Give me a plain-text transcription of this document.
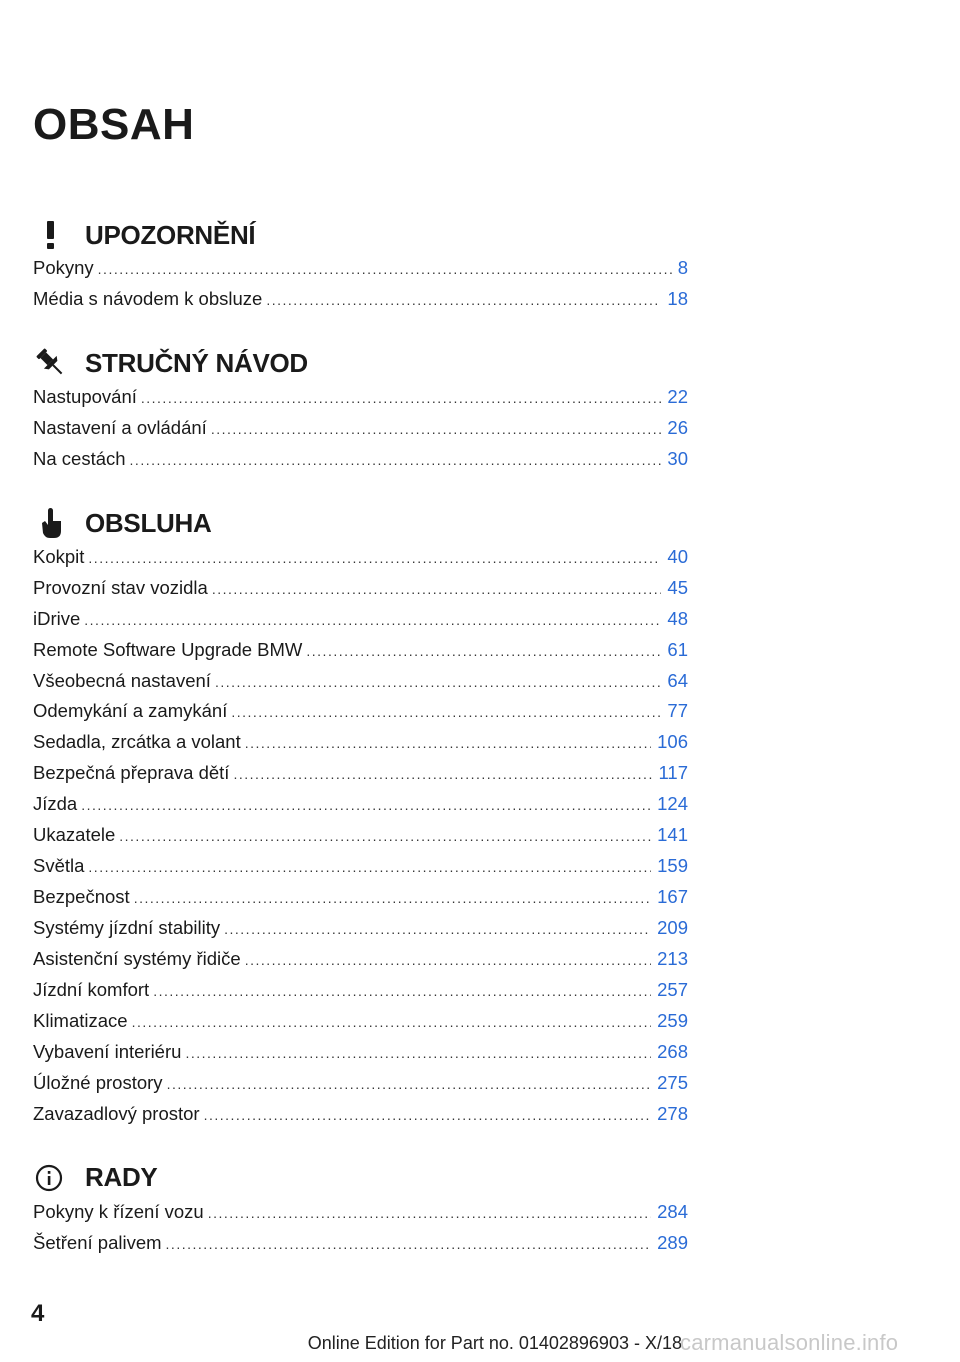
OBSAH
UPOZORNĚNÍ
Pokyny .....	8
Média s návodem k obsluze .....	18
STRUČNÝ NÁVOD
Nastupování .....	22
Nastavení a ovládání .....	26
Na cestách .....	30
OBSLUHA
Kokpit .....	40
Provozní stav vozidla .....	45
iDrive .....	48
Remote Software Upgrade BMW .....	61
Všeobecná nastavení .....	64
Odemykání a zamykání .....	77
Sedadla, zrcátka a volant .....	106
Bezpečná přeprava dětí .....	117
Jízda .....	124
Ukazatele .....	141
Světla .....	159
Bezpečnost .....	167
Systémy jízdní stability .....	209
Asistenční systémy řidiče .....	213
Jízdní komfort .....	257
Klimatizace .....	259
Vybavení interiéru .....	268
Úložné prostory .....	275
Zavazadlový prostor .....	278
RADY
Pokyny k řízení vozu .....	284
Šetření palivem .....	289
4
Online Edition for Part no. 01402896903 - X/18
carmanualsonline.info
